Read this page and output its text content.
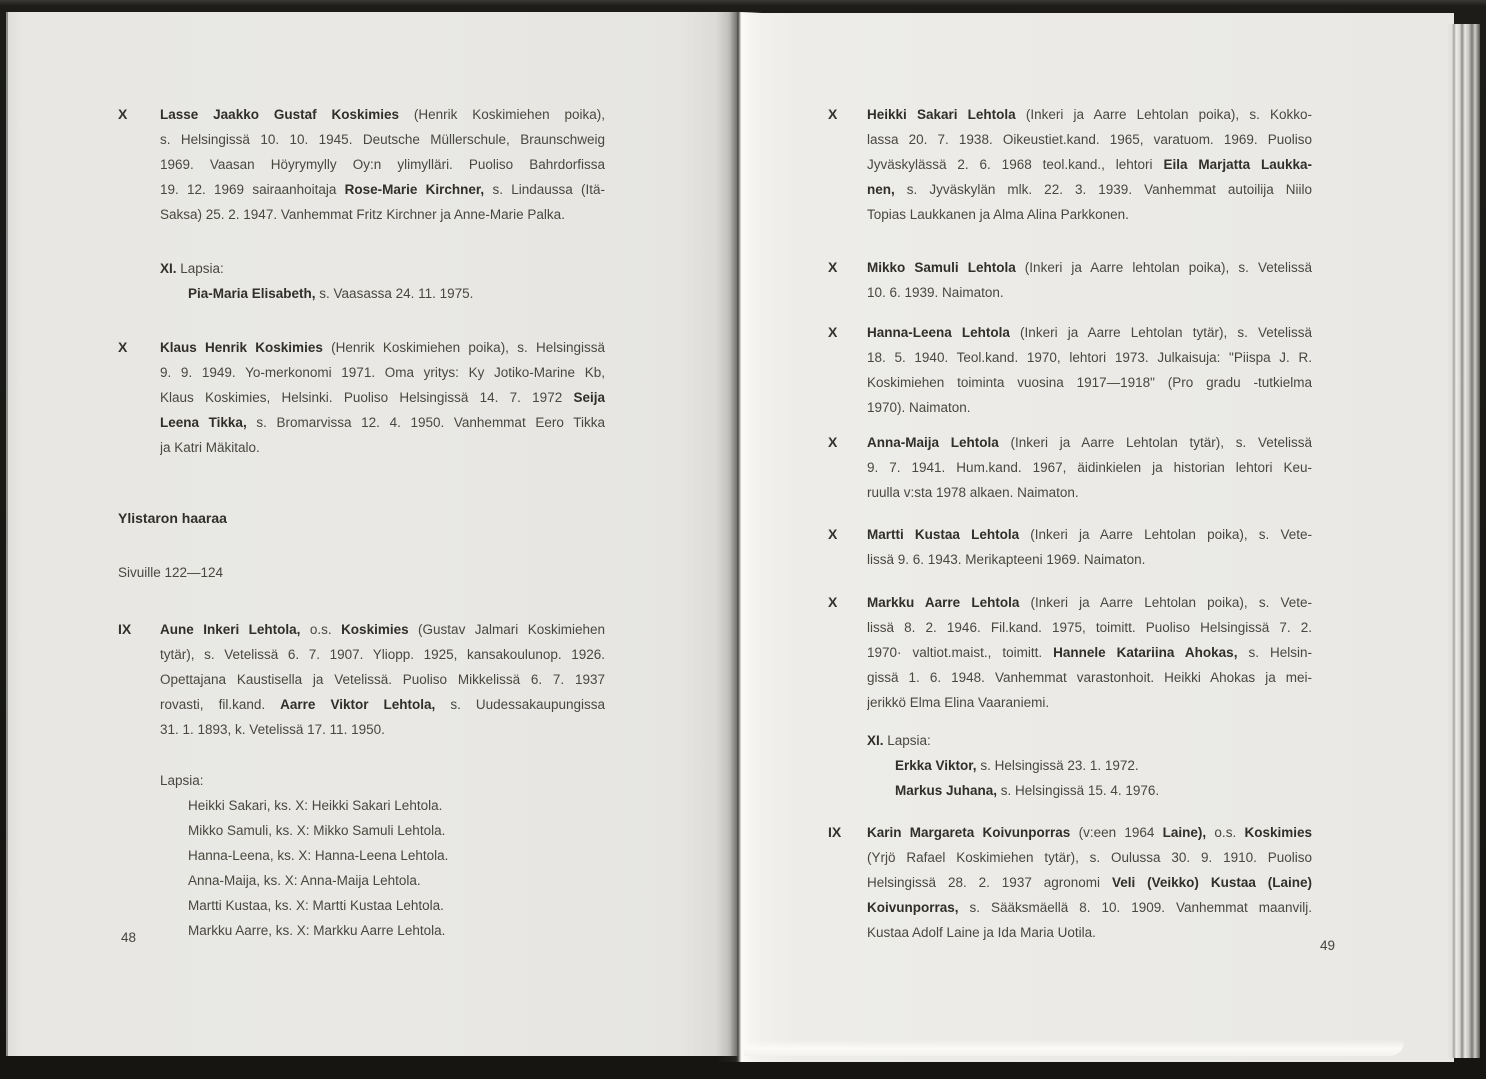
X	Lasse Jaakko Gustaf Koskimies (Henrik Koskimiehen poika),
s. Helsingissä 10. 10. 1945. Deutsche Müllerschule, Braunschweig
1969. Vaasan Höyrymylly Oy:n ylimylläri. Puoliso Bahrdorfissa
19. 12. 1969 sairaanhoitaja Rose-Marie Kirchner, s. Lindaussa (Itä-
Saksa) 25. 2. 1947. Vanhemmat Fritz Kirchner ja Anne-Marie Palka.
XI. Lapsia:
Pia-Maria Elisabeth, s. Vaasassa 24. 11. 1975.
X	Klaus Henrik Koskimies (Henrik Koskimiehen poika), s. Helsingissä
9. 9. 1949. Yo-merkonomi 1971. Oma yritys: Ky Jotiko-Marine Kb,
Klaus Koskimies, Helsinki. Puoliso Helsingissä 14. 7. 1972 Seija
Leena Tikka, s. Bromarvissa 12. 4. 1950. Vanhemmat Eero Tikka
ja Katri Mäkitalo.
Ylistaron haaraa
Sivuille 122—124
IX	Aune Inkeri Lehtola, o.s. Koskimies (Gustav Jalmari Koskimiehen
tytär), s. Vetelissä 6. 7. 1907. Yliopp. 1925, kansakoulunop. 1926.
Opettajana Kaustisella ja Vetelissä. Puoliso Mikkelissä 6. 7. 1937
rovasti, fil.kand. Aarre Viktor Lehtola, s. Uudessakaupungissa
31. 1. 1893, k. Vetelissä 17. 11. 1950.
Lapsia:
Heikki Sakari, ks. X: Heikki Sakari Lehtola.
Mikko Samuli, ks. X: Mikko Samuli Lehtola.
Hanna-Leena, ks. X: Hanna-Leena Lehtola.
Anna-Maija, ks. X: Anna-Maija Lehtola.
Martti Kustaa, ks. X: Martti Kustaa Lehtola.
Markku Aarre, ks. X: Markku Aarre Lehtola.
X	Heikki Sakari Lehtola (Inkeri ja Aarre Lehtolan poika), s. Kokko-
lassa 20. 7. 1938. Oikeustiet.kand. 1965, varatuom. 1969. Puoliso
Jyväskylässä 2. 6. 1968 teol.kand., lehtori Eila Marjatta Laukka-
nen, s. Jyväskylän mlk. 22. 3. 1939. Vanhemmat autoilija Niilo
Topias Laukkanen ja Alma Alina Parkkonen.
X	Mikko Samuli Lehtola (Inkeri ja Aarre lehtolan poika), s. Vetelissä
10. 6. 1939. Naimaton.
X	Hanna-Leena Lehtola (Inkeri ja Aarre Lehtolan tytär), s. Vetelissä
18. 5. 1940. Teol.kand. 1970, lehtori 1973. Julkaisuja: "Piispa J. R.
Koskimiehen toiminta vuosina 1917—1918" (Pro gradu -tutkielma
1970). Naimaton.
X	Anna-Maija Lehtola (Inkeri ja Aarre Lehtolan tytär), s. Vetelissä
9. 7. 1941. Hum.kand. 1967, äidinkielen ja historian lehtori Keu-
ruulla v:sta 1978 alkaen. Naimaton.
X	Martti Kustaa Lehtola (Inkeri ja Aarre Lehtolan poika), s. Vete-
lissä 9. 6. 1943. Merikapteeni 1969. Naimaton.
X	Markku Aarre Lehtola (Inkeri ja Aarre Lehtolan poika), s. Vete-
lissä 8. 2. 1946. Fil.kand. 1975, toimitt. Puoliso Helsingissä 7. 2.
1970· valtiot.maist., toimitt. Hannele Katariina Ahokas, s. Helsin-
gissä 1. 6. 1948. Vanhemmat varastonhoit. Heikki Ahokas ja mei-
jerikkö Elma Elina Vaaraniemi.
XI. Lapsia:
Erkka Viktor, s. Helsingissä 23. 1. 1972.
Markus Juhana, s. Helsingissä 15. 4. 1976.
IX	Karin Margareta Koivunporras (v:een 1964 Laine), o.s. Koskimies
(Yrjö Rafael Koskimiehen tytär), s. Oulussa 30. 9. 1910. Puoliso
Helsingissä 28. 2. 1937 agronomi Veli (Veikko) Kustaa (Laine)
Koivunporras, s. Sääksmäellä 8. 10. 1909. Vanhemmat maanvilj.
Kustaa Adolf Laine ja Ida Maria Uotila.
48
49
